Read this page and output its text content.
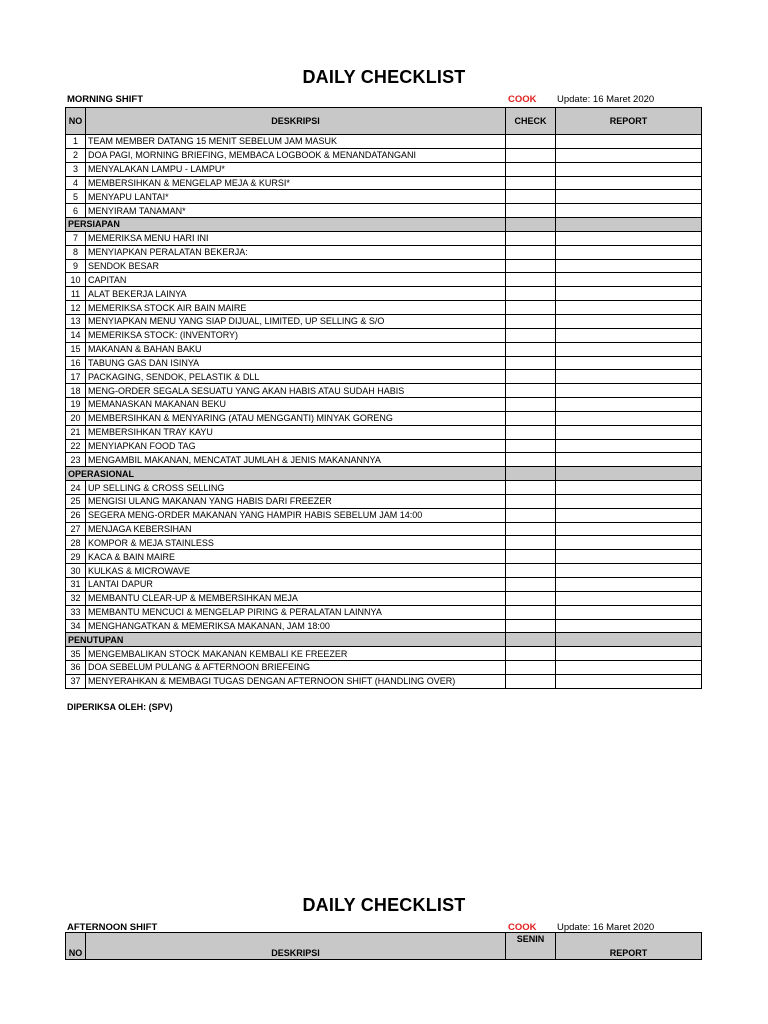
DAILY CHECKLIST
MORNING SHIFT	COOK Update: 16 Maret 2020
NO	DESKRIPSI	CHECK	REPORT
1	TEAM MEMBER DATANG 15 MENIT SEBELUM JAM MASUK		
2	DOA PAGI, MORNING BRIEFING, MEMBACA LOGBOOK & MENANDATANGANI		
3	MENYALAKAN LAMPU - LAMPU*		
4	MEMBERSIHKAN & MENGELAP MEJA & KURSI*		
5	MENYAPU LANTAI*		
6	MENYIRAM TANAMAN*		
PERSIAPAN			
7	MEMERIKSA MENU HARI INI		
8	MENYIAPKAN PERALATAN BEKERJA:		
9	SENDOK BESAR		
10	CAPITAN		
11	ALAT BEKERJA LAINYA		
12	MEMERIKSA STOCK AIR BAIN MAIRE		
13	MENYIAPKAN MENU YANG SIAP DIJUAL, LIMITED, UP SELLING & S/O		
14	MEMERIKSA STOCK: (INVENTORY)		
15	MAKANAN & BAHAN BAKU		
16	TABUNG GAS DAN ISINYA		
17	PACKAGING, SENDOK, PELASTIK & DLL		
18	MENG-ORDER SEGALA SESUATU YANG AKAN HABIS ATAU SUDAH HABIS		
19	MEMANASKAN MAKANAN BEKU		
20	MEMBERSIHKAN & MENYARING (ATAU MENGGANTI) MINYAK GORENG		
21	MEMBERSIHKAN TRAY KAYU		
22	MENYIAPKAN FOOD TAG		
23	MENGAMBIL MAKANAN, MENCATAT JUMLAH & JENIS MAKANANNYA		
OPERASIONAL			
24	UP SELLING & CROSS SELLING		
25	MENGISI ULANG MAKANAN YANG HABIS DARI FREEZER		
26	SEGERA MENG-ORDER MAKANAN YANG HAMPIR HABIS SEBELUM JAM 14:00		
27	MENJAGA KEBERSIHAN		
28	KOMPOR & MEJA STAINLESS		
29	KACA & BAIN MAIRE		
30	KULKAS & MICROWAVE		
31	LANTAI DAPUR		
32	MEMBANTU CLEAR-UP & MEMBERSIHKAN MEJA		
33	MEMBANTU MENCUCI & MENGELAP PIRING & PERALATAN LAINNYA		
34	MENGHANGATKAN & MEMERIKSA MAKANAN, JAM 18:00		
PENUTUPAN			
35	MENGEMBALIKAN STOCK MAKANAN KEMBALI KE FREEZER		
36	DOA SEBELUM PULANG & AFTERNOON BRIEFEING		
37	MENYERAHKAN & MEMBAGI TUGAS DENGAN AFTERNOON SHIFT (HANDLING OVER)		
DIPERIKSA OLEH: (SPV)
DAILY CHECKLIST
AFTERNOON SHIFT	COOK Update: 16 Maret 2020
NO	DESKRIPSI	SENIN	REPORT
